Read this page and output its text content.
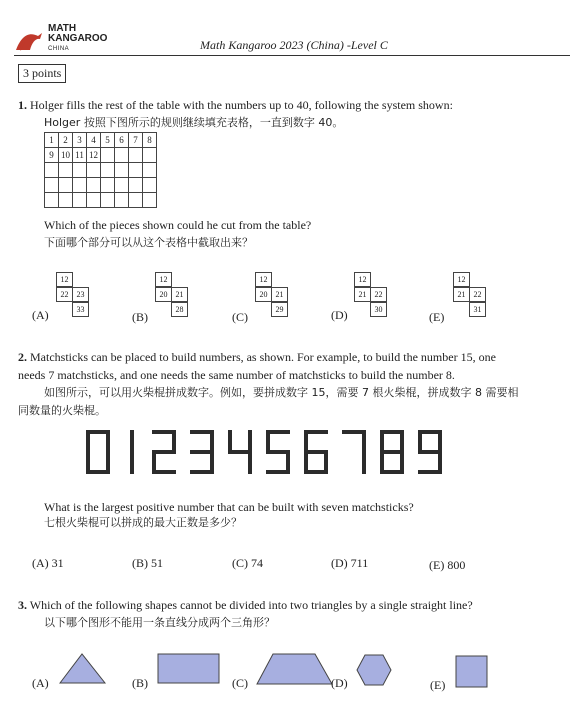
MATH
KANGAROO
CHINA	Math Kangaroo 2023 (China) -Level C
3 points
1. Holger fills the rest of the table with the numbers up to 40, following the system shown:
Holger 按照下图所示的规则继续填充表格，一直到数字 40。
1	2	3	4	5	6	7	8
9	10	11	12				

Which of the pieces shown could he cut from the table?
下面哪个部分可以从这个表格中截取出来？
(A)
12
22	23
33
(B)
12
20	21
28
(C)
12
20	21
29	(D)
12
21	22
30
(E)
12
21	22
31
2. Matchsticks can be placed to build numbers, as shown. For example, to build the number 15, one
needs 7 matchsticks, and one needs the same number of matchsticks to build the number 8.
如图所示，可以用火柴棍拼成数字。例如，要拼成数字 15，需要 7 根火柴棍，拼成数字 8 需要相
同数量的火柴棍。
What is the largest positive number that can be built with seven matchsticks?
七根火柴棍可以拼成的最大正数是多少？
(A) 31	(B) 51	(C) 74	(D) 711	(E) 800
3. Which of the following shapes cannot be divided into two triangles by a single straight line?
以下哪个图形不能用一条直线分成两个三角形？
(A)	(B)	(C)	(D)	(E)
